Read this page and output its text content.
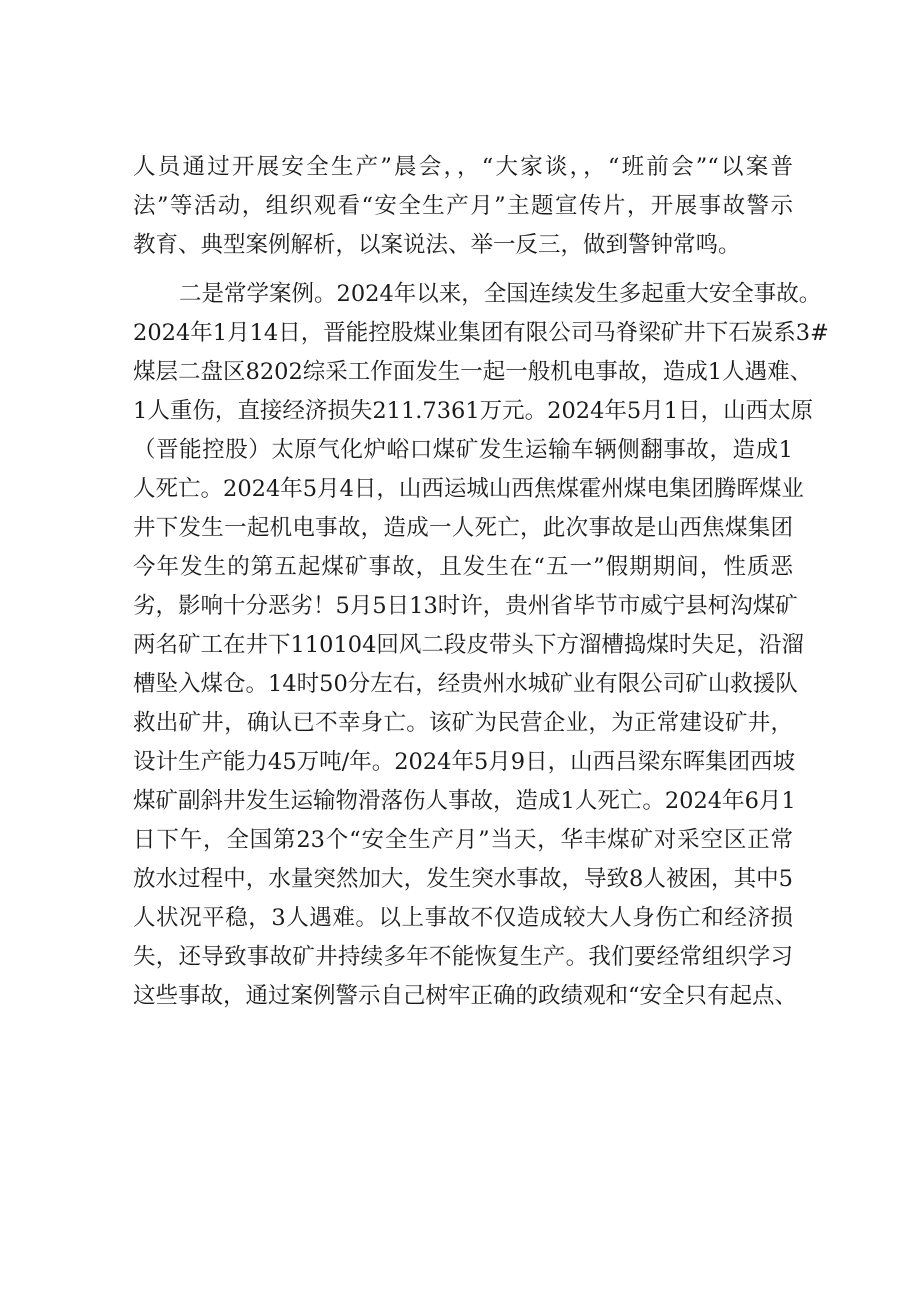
人员通过开展安全生产”晨会，，“大家谈，，“班前会”“以案普
法”等活动，组织观看“安全生产月”主题宣传片，开展事故警示
教育、典型案例解析，以案说法、举一反三，做到警钟常鸣。
二是常学案例。2024年以来，全国连续发生多起重大安全事故。
2024年1月14日，晋能控股煤业集团有限公司马脊梁矿井下石炭系3#
煤层二盘区8202综采工作面发生一起一般机电事故，造成1人遇难、
1人重伤，直接经济损失211.7361万元。2024年5月1日，山西太原
（晋能控股）太原气化炉峪口煤矿发生运输车辆侧翻事故，造成1
人死亡。2024年5月4日，山西运城山西焦煤霍州煤电集团腾晖煤业
井下发生一起机电事故，造成一人死亡，此次事故是山西焦煤集团
今年发生的第五起煤矿事故，且发生在“五一”假期期间，性质恶
劣，影响十分恶劣！5月5日13时许，贵州省毕节市威宁县柯沟煤矿
两名矿工在井下110104回风二段皮带头下方溜槽捣煤时失足，沿溜
槽坠入煤仓。14时50分左右，经贵州水城矿业有限公司矿山救援队
救出矿井，确认已不幸身亡。该矿为民营企业，为正常建设矿井，
设计生产能力45万吨/年。2024年5月9日，山西吕梁东晖集团西坡
煤矿副斜井发生运输物滑落伤人事故，造成1人死亡。2024年6月1
日下午，全国第23个“安全生产月”当天，华丰煤矿对采空区正常
放水过程中，水量突然加大，发生突水事故，导致8人被困，其中5
人状况平稳，3人遇难。以上事故不仅造成较大人身伤亡和经济损
失，还导致事故矿井持续多年不能恢复生产。我们要经常组织学习
这些事故，通过案例警示自己树牢正确的政绩观和“安全只有起点、
